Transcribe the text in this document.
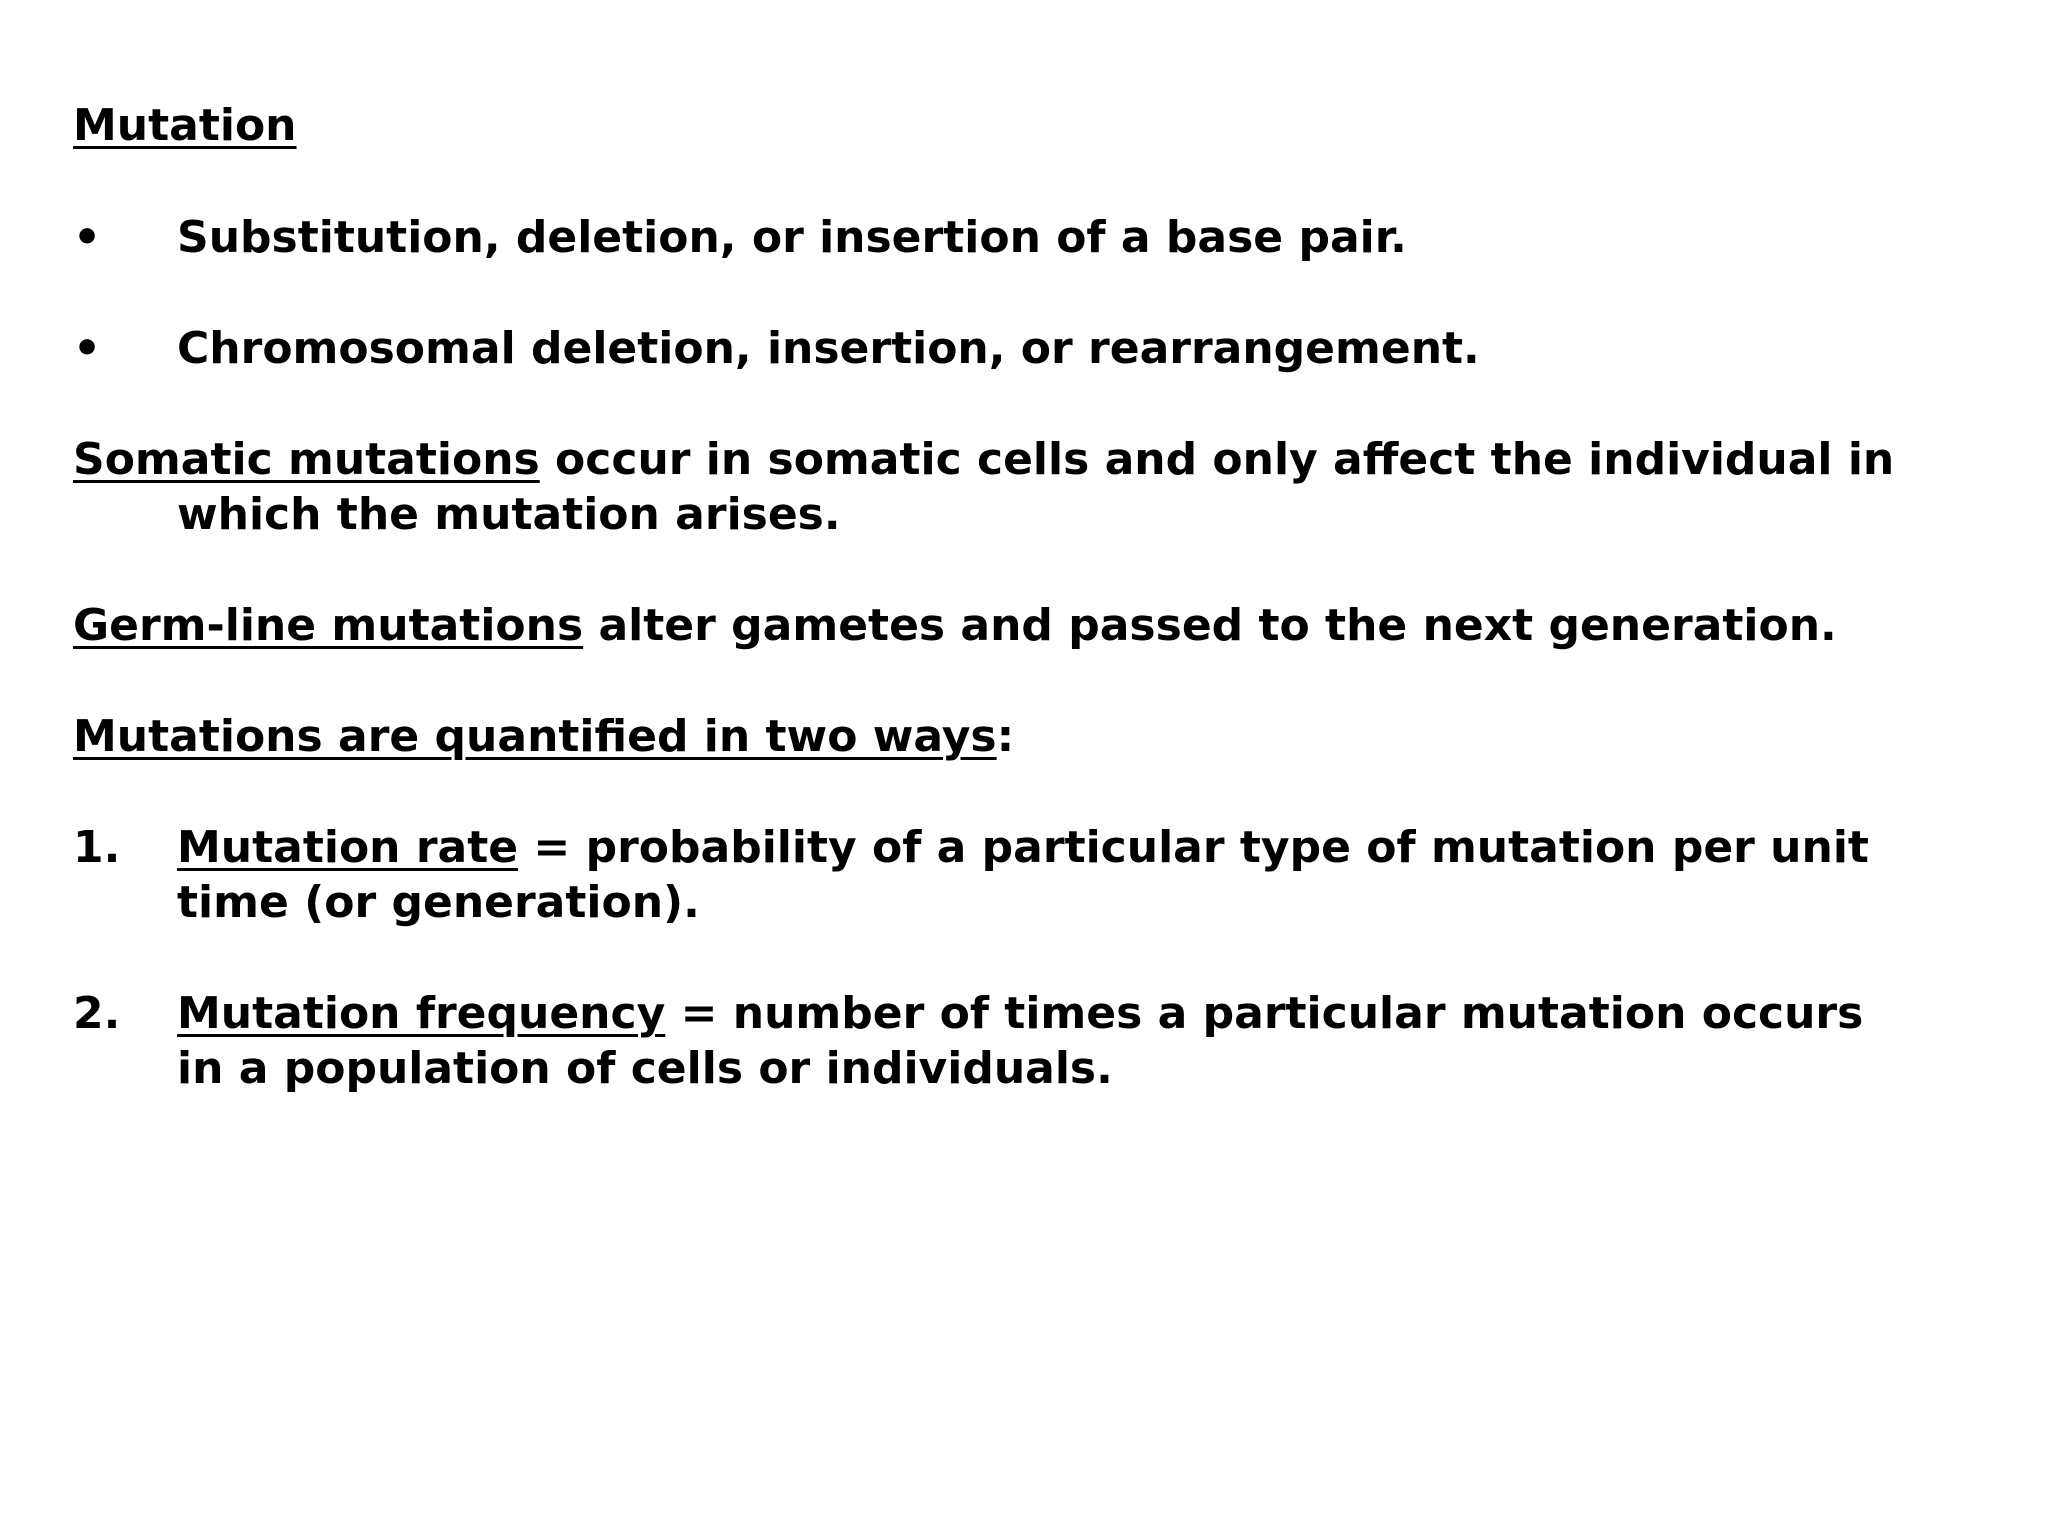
Mutation
• Substitution, deletion, or insertion of a base pair.
• Chromosomal deletion, insertion, or rearrangement.
Somatic mutations occur in somatic cells and only affect the individual in
which the mutation arises.
Germ-line mutations alter gametes and passed to the next generation.
Mutations are quantified in two ways:
1. Mutation rate = probability of a particular type of mutation per unit
time (or generation).
2. Mutation frequency = number of times a particular mutation occurs
in a population of cells or individuals.
